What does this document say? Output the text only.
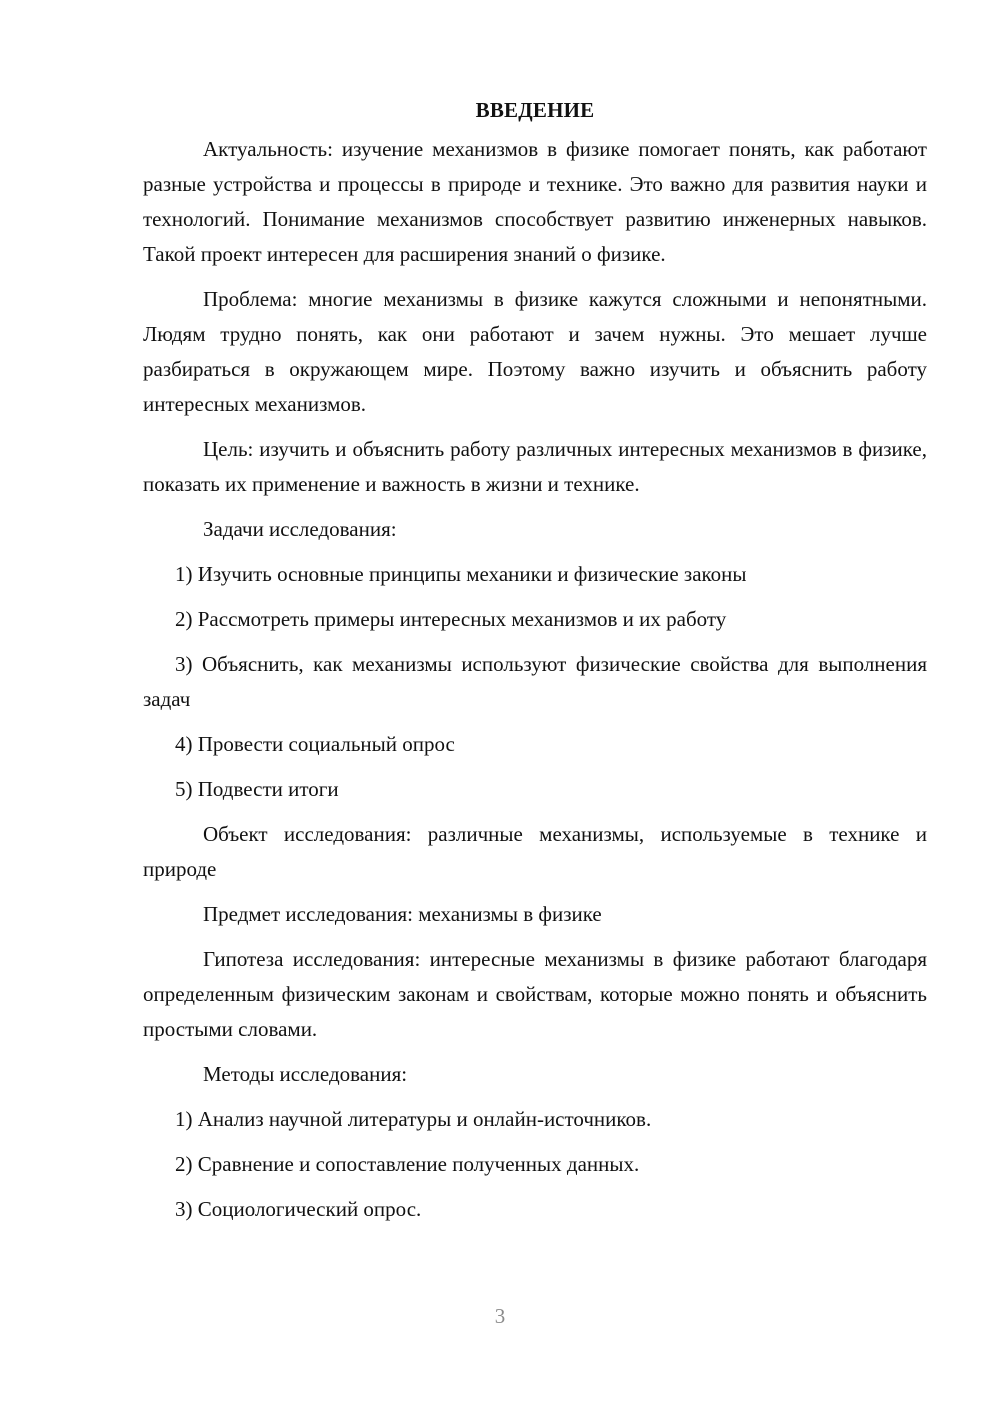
ВВЕДЕНИЕ

Актуальность: изучение механизмов в физике помогает понять, как работают разные устройства и процессы в природе и технике. Это важно для развития науки и технологий. Понимание механизмов способствует развитию инженерных навыков. Такой проект интересен для расширения знаний о физике.

Проблема: многие механизмы в физике кажутся сложными и непонятными. Людям трудно понять, как они работают и зачем нужны. Это мешает лучше разбираться в окружающем мире. Поэтому важно изучить и объяснить работу интересных механизмов.

Цель: изучить и объяснить работу различных интересных механизмов в физике, показать их применение и важность в жизни и технике.

Задачи исследования:

1) Изучить основные принципы механики и физические законы

2) Рассмотреть примеры интересных механизмов и их работу

3) Объяснить, как механизмы используют физические свойства для выполнения задач

4) Провести социальный опрос

5) Подвести итоги

Объект исследования: различные механизмы, используемые в технике и природе

Предмет исследования: механизмы в физике

Гипотеза исследования: интересные механизмы в физике работают благодаря определенным физическим законам и свойствам, которые можно понять и объяснить простыми словами.

Методы исследования:

1) Анализ научной литературы и онлайн-источников.

2) Сравнение и сопоставление полученных данных.

3) Социологический опрос.

3
